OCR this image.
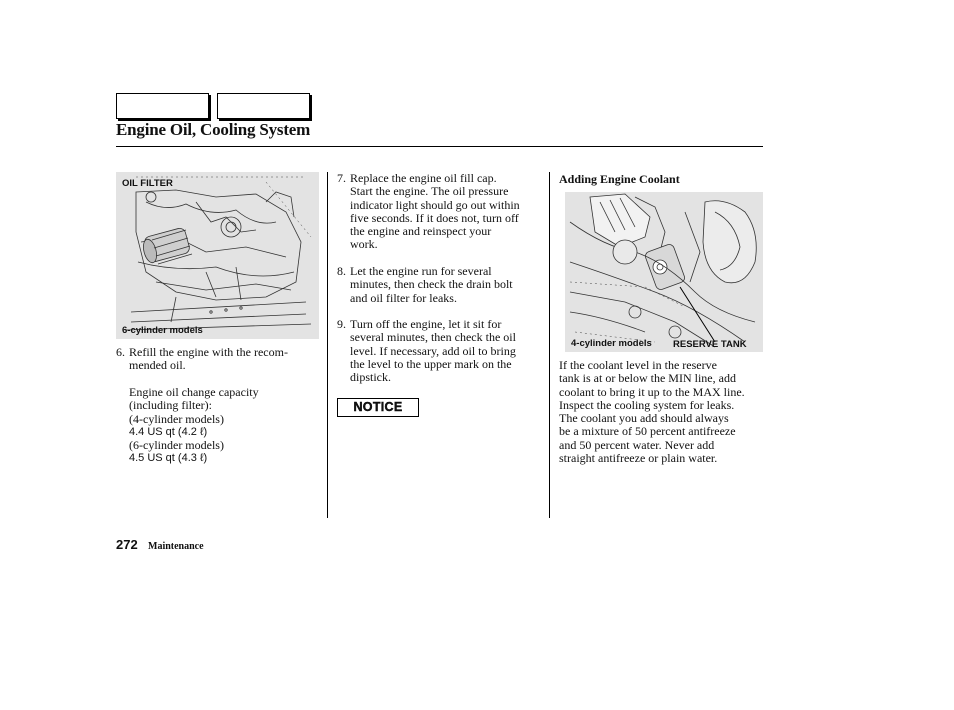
Engine Oil, Cooling System
OIL FILTER
6-cylinder models
6. Refill the engine with the recom-
mended oil.
Engine oil change capacity
(including filter):
(4-cylinder models)
4.4 US qt (4.2 ℓ)
(6-cylinder models)
4.5 US qt (4.3 ℓ)
7. Replace the engine oil fill cap.
Start the engine. The oil pressure
indicator light should go out within
five seconds. If it does not, turn off
the engine and reinspect your
work.
8. Let the engine run for several
minutes, then check the drain bolt
and oil filter for leaks.
9. Turn off the engine, let it sit for
several minutes, then check the oil
level. If necessary, add oil to bring
the level to the upper mark on the
dipstick.
NOTICE
Adding Engine Coolant
4-cylinder models RESERVE TANK
If the coolant level in the reserve
tank is at or below the MIN line, add
coolant to bring it up to the MAX line.
Inspect the cooling system for leaks.
The coolant you add should always
be a mixture of 50 percent antifreeze
and 50 percent water. Never add
straight antifreeze or plain water.
272 Maintenance
